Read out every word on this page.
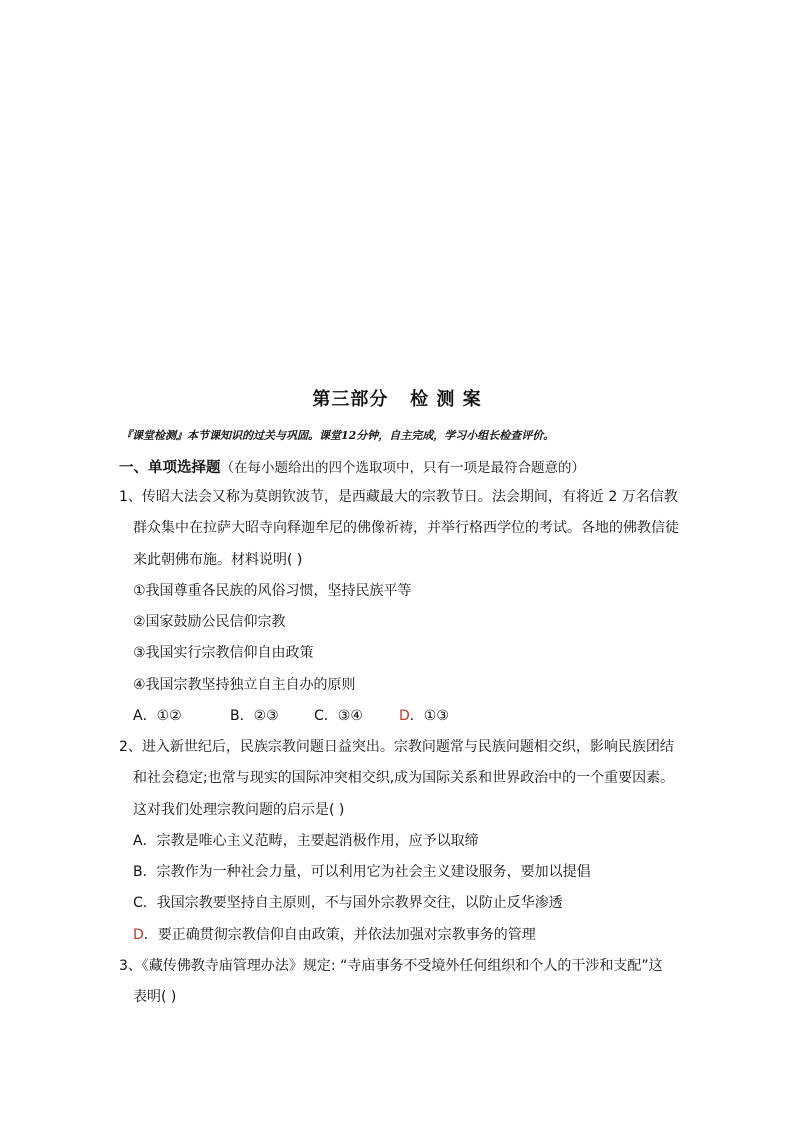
第三部分   检 测 案
『课堂检测』本节课知识的过关与巩固。课堂12分钟，自主完成，学习小组长检查评价。
一、单项选择题（在每小题给出的四个选取项中，只有一项是最符合题意的）
1、传昭大法会又称为莫朗钦波节，是西藏最大的宗教节日。法会期间，有将近 2 万名信教
群众集中在拉萨大昭寺向释迦牟尼的佛像祈祷，并举行格西学位的考试。各地的佛教信徒
来此朝佛布施。材料说明( )
①我国尊重各民族的风俗习惯，坚持民族平等
②国家鼓励公民信仰宗教
③我国实行宗教信仰自由政策
④我国宗教坚持独立自主自办的原则
A．①②	B．②③	C．③④	D．①③
2、进入新世纪后，民族宗教问题日益突出。宗教问题常与民族问题相交织，影响民族团结
和社会稳定;也常与现实的国际冲突相交织,成为国际关系和世界政治中的一个重要因素。
这对我们处理宗教问题的启示是( )
A．宗教是唯心主义范畴，主要起消极作用，应予以取缔
B．宗教作为一种社会力量，可以利用它为社会主义建设服务，要加以提倡
C．我国宗教要坚持自主原则，不与国外宗教界交往，以防止反华渗透
D．要正确贯彻宗教信仰自由政策，并依法加强对宗教事务的管理
3、《藏传佛教寺庙管理办法》规定: “寺庙事务不受境外任何组织和个人的干涉和支配”这
表明( )
